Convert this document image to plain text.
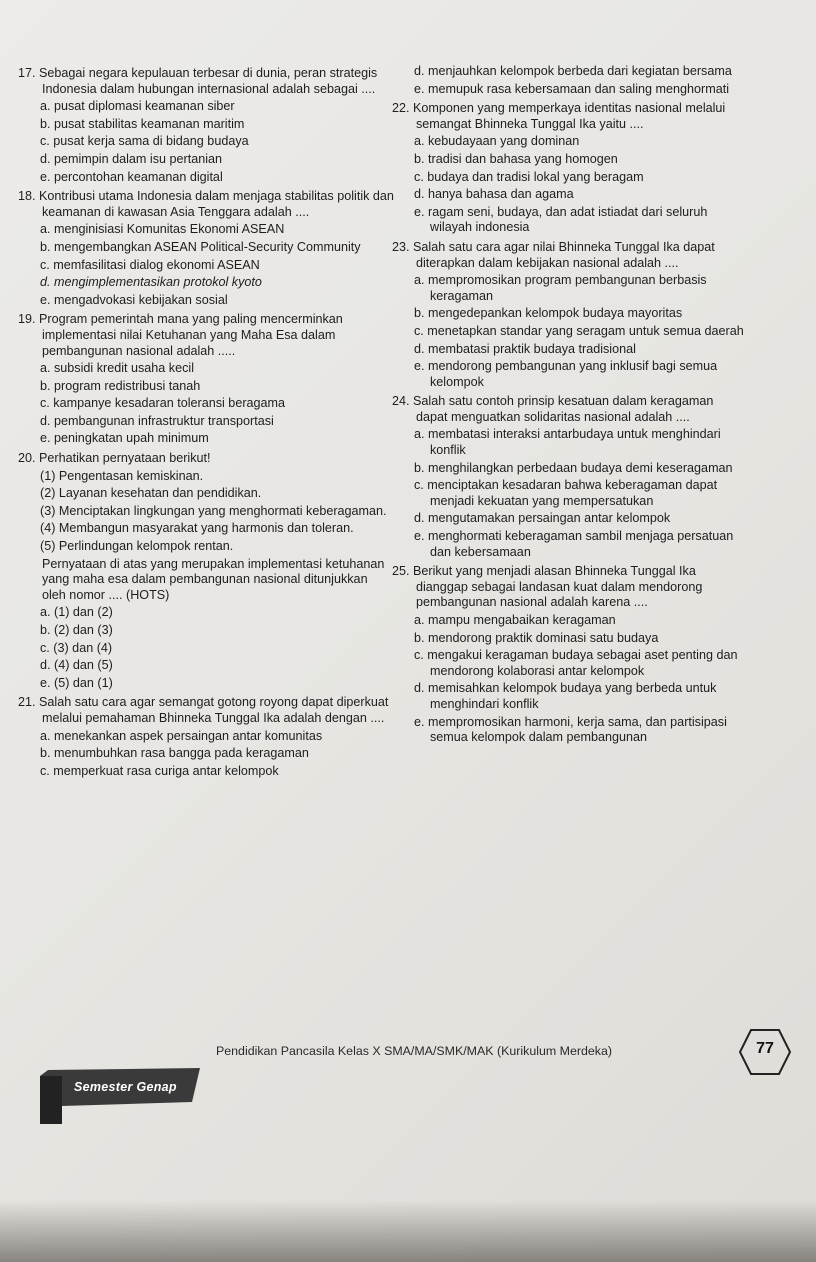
17. Sebagai negara kepulauan terbesar di dunia, peran strategis Indonesia dalam hubungan internasional adalah sebagai ....

a. pusat diplomasi keamanan siber

b. pusat stabilitas keamanan maritim

c. pusat kerja sama di bidang budaya

d. pemimpin dalam isu pertanian

e. percontohan keamanan digital

18. Kontribusi utama Indonesia dalam menjaga stabilitas politik dan keamanan di kawasan Asia Tenggara adalah ....

a. menginisiasi Komunitas Ekonomi ASEAN

b. mengembangkan ASEAN Political-Security Community

c. memfasilitasi dialog ekonomi ASEAN

d. mengimplementasikan protokol kyoto

e. mengadvokasi kebijakan sosial

19. Program pemerintah mana yang paling mencerminkan implementasi nilai Ketuhanan yang Maha Esa dalam pembangunan nasional adalah .....

a. subsidi kredit usaha kecil

b. program redistribusi tanah

c. kampanye kesadaran toleransi beragama

d. pembangunan infrastruktur transportasi

e. peningkatan upah minimum

20. Perhatikan pernyataan berikut!

(1) Pengentasan kemiskinan.

(2) Layanan kesehatan dan pendidikan.

(3) Menciptakan lingkungan yang menghormati keberagaman.

(4) Membangun masyarakat yang harmonis dan toleran.

(5) Perlindungan kelompok rentan.

Pernyataan di atas yang merupakan implementasi ketuhanan yang maha esa dalam pembangunan nasional ditunjukkan oleh nomor .... (HOTS)

a. (1) dan (2)

b. (2) dan (3)

c. (3) dan (4)

d. (4) dan (5)

e. (5) dan (1)

21. Salah satu cara agar semangat gotong royong dapat diperkuat melalui pemahaman Bhinneka Tunggal Ika adalah dengan ....

a. menekankan aspek persaingan antar komunitas

b. menumbuhkan rasa bangga pada keragaman

c. memperkuat rasa curiga antar kelompok

d. menjauhkan kelompok berbeda dari kegiatan bersama

e. memupuk rasa kebersamaan dan saling menghormati

22. Komponen yang memperkaya identitas nasional melalui semangat Bhinneka Tunggal Ika yaitu ....

a. kebudayaan yang dominan

b. tradisi dan bahasa yang homogen

c. budaya dan tradisi lokal yang beragam

d. hanya bahasa dan agama

e. ragam seni, budaya, dan adat istiadat dari seluruh wilayah indonesia

23. Salah satu cara agar nilai Bhinneka Tunggal Ika dapat diterapkan dalam kebijakan nasional adalah ....

a. mempromosikan program pembangunan berbasis keragaman

b. mengedepankan kelompok budaya mayoritas

c. menetapkan standar yang seragam untuk semua daerah

d. membatasi praktik budaya tradisional

e. mendorong pembangunan yang inklusif bagi semua kelompok

24. Salah satu contoh prinsip kesatuan dalam keragaman dapat menguatkan solidaritas nasional adalah ....

a. membatasi interaksi antarbudaya untuk menghindari konflik

b. menghilangkan perbedaan budaya demi keseragaman

c. menciptakan kesadaran bahwa keberagaman dapat menjadi kekuatan yang mempersatukan

d. mengutamakan persaingan antar kelompok

e. menghormati keberagaman sambil menjaga persatuan dan kebersamaan

25. Berikut yang menjadi alasan Bhinneka Tunggal Ika dianggap sebagai landasan kuat dalam mendorong pembangunan nasional adalah karena ....

a. mampu mengabaikan keragaman

b. mendorong praktik dominasi satu budaya

c. mengakui keragaman budaya sebagai aset penting dan mendorong kolaborasi antar kelompok

d. memisahkan kelompok budaya yang berbeda untuk menghindari konflik

e. mempromosikan harmoni, kerja sama, dan partisipasi semua kelompok dalam pembangunan

Semester Genap
Pendidikan Pancasila Kelas X SMA/MA/SMK/MAK (Kurikulum Merdeka)	77
